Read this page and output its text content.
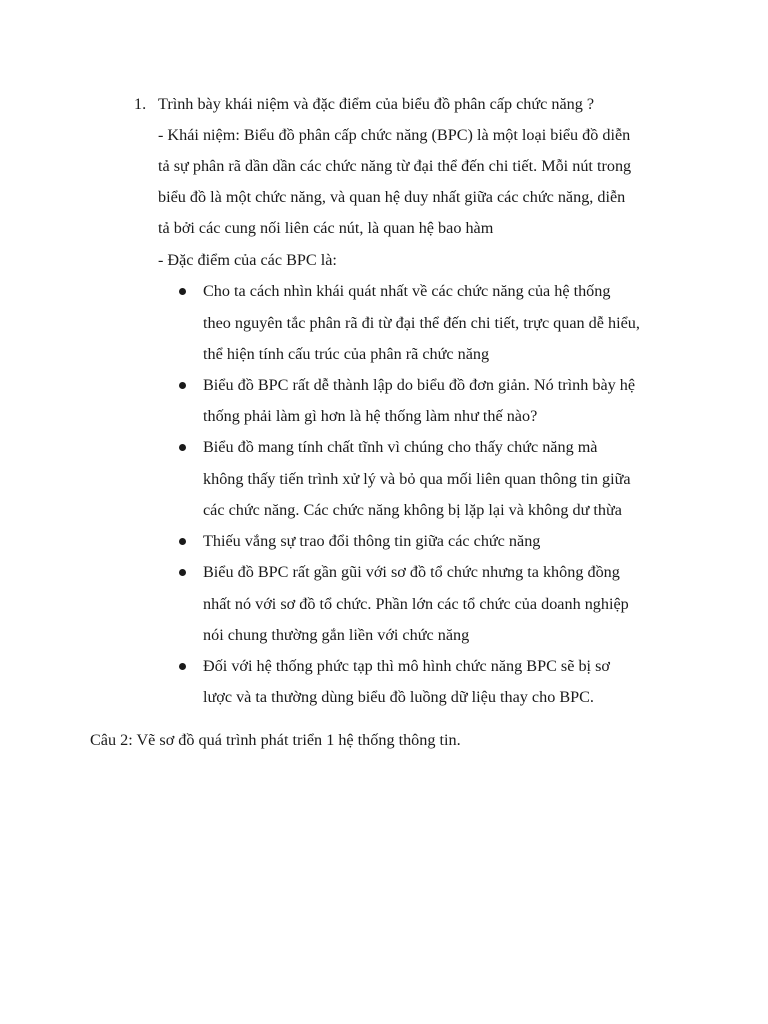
1. Trình bày khái niệm và đặc điểm của biểu đồ phân cấp chức năng ?
- Khái niệm: Biểu đồ phân cấp chức năng (BPC) là một loại biểu đồ diễn
tả sự phân rã dần dần các chức năng từ đại thể đến chi tiết. Mỗi nút trong
biểu đồ là một chức năng, và quan hệ duy nhất giữa các chức năng, diễn
tả bởi các cung nối liên các nút, là quan hệ bao hàm
- Đặc điểm của các BPC là:
Cho ta cách nhìn khái quát nhất về các chức năng của hệ thống
theo nguyên tắc phân rã đi từ đại thể đến chi tiết, trực quan dễ hiểu,
thể hiện tính cấu trúc của phân rã chức năng
Biểu đồ BPC rất dễ thành lập do biểu đồ đơn giản. Nó trình bày hệ
thống phải làm gì hơn là hệ thống làm như thế nào?
Biểu đồ mang tính chất tĩnh vì chúng cho thấy chức năng mà
không thấy tiến trình xử lý và bỏ qua mối liên quan thông tin giữa
các chức năng. Các chức năng không bị lặp lại và không dư thừa
Thiếu vắng sự trao đổi thông tin giữa các chức năng
Biểu đồ BPC rất gần gũi với sơ đồ tổ chức nhưng ta không đồng
nhất nó với sơ đồ tổ chức. Phần lớn các tổ chức của doanh nghiệp
nói chung thường gắn liền với chức năng
Đối với hệ thống phức tạp thì mô hình chức năng BPC sẽ bị sơ
lược và ta thường dùng biểu đồ luồng dữ liệu thay cho BPC.
Câu 2: Vẽ sơ đồ quá trình phát triển 1 hệ thống thông tin.
